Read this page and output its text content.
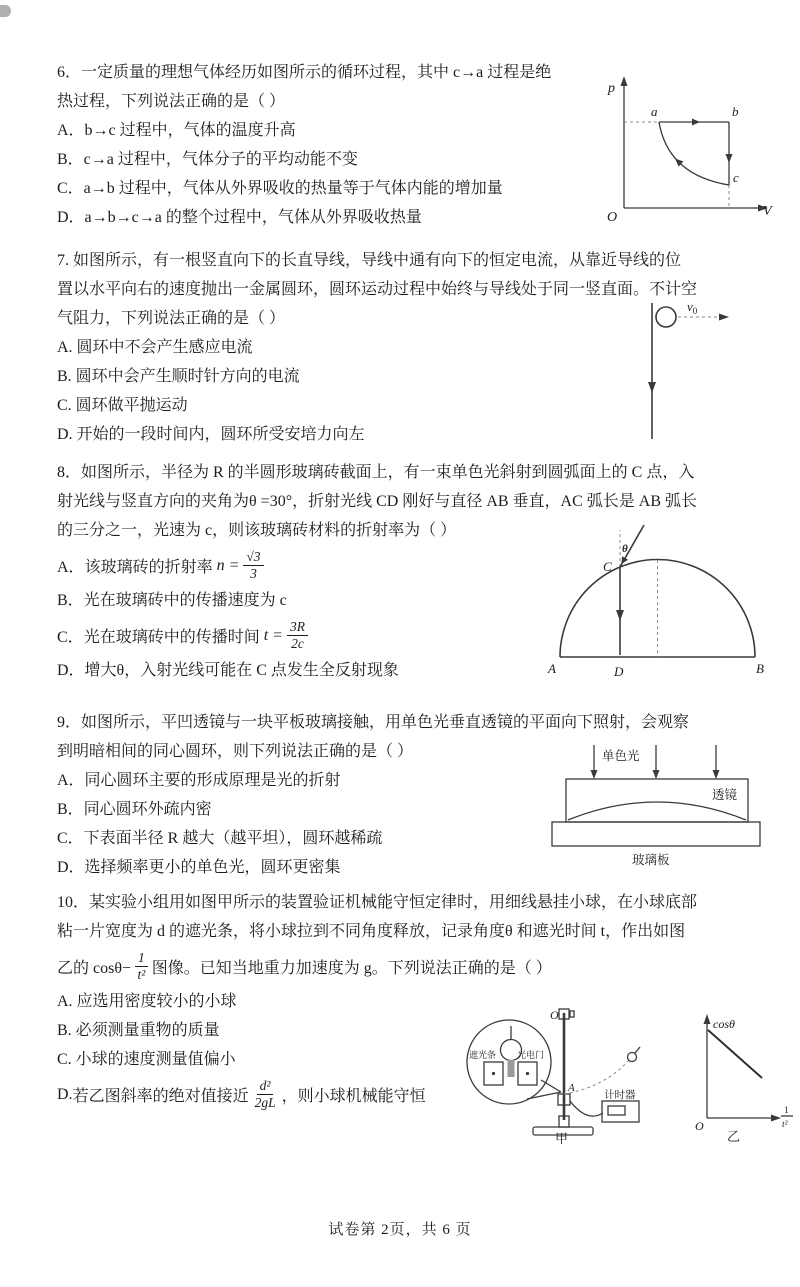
6．一定质量的理想气体经历如图所示的循环过程，其中 c→a 过程是绝
热过程，下列说法正确的是（ ）
A．b→c 过程中，气体的温度升高
B．c→a 过程中，气体分子的平均动能不变
C．a→b 过程中，气体从外界吸收的热量等于气体内能的增加量
D．a→b→c→a 的整个过程中，气体从外界吸收热量
p
V
O
a	b
c
7. 如图所示，有一根竖直向下的长直导线，导线中通有向下的恒定电流，从靠近导线的位
置以水平向右的速度抛出一金属圆环，圆环运动过程中始终与导线处于同一竖直面。不计空
气阻力，下列说法正确的是（ ）
A. 圆环中不会产生感应电流
B. 圆环中会产生顺时针方向的电流
C. 圆环做平抛运动
D. 开始的一段时间内，圆环所受安培力向左
$v_0$
8．如图所示，半径为 R 的半圆形玻璃砖截面上，有一束单色光斜射到圆弧面上的 C 点，入
射光线与竖直方向的夹角为θ =30°，折射光线 CD 刚好与直径 AB 垂直，AC 弧长是 AB 弧长
的三分之一，光速为 c，则该玻璃砖材料的折射率为（ ）
A． 该玻璃砖的折射率 $n = \frac{√3}{3}$
B．光在玻璃砖中的传播速度为 c
C． 光在玻璃砖中的传播时间 $t = \frac{3R}{2c}$
D．增大θ，入射光线可能在 C 点发生全反射现象
θ
C
A	B
D
9．如图所示，平凹透镜与一块平板玻璃接触，用单色光垂直透镜的平面向下照射，会观察
到明暗相间的同心圆环，则下列说法正确的是（ ）
A．同心圆环主要的形成原理是光的折射
B．同心圆环外疏内密
C．下表面半径 R 越大（越平坦），圆环越稀疏
D．选择频率更小的单色光，圆环更密集
单色光
透镜
玻璃板
10．某实验小组用如图甲所示的装置验证机械能守恒定律时，用细线悬挂小球，在小球底部
粘一片宽度为 d 的遮光条，将小球拉到不同角度释放，记录角度θ 和遮光时间 t，作出如图
乙的 $\cos\theta- \frac{1}{\text{t²}}$ 图像。已知当地重力加速度为 g。下列说法正确的是（ ）
A. 应选用密度较小的小球
B. 必须测量重物的质量
C. 小球的速度测量值偏小
D. 若乙图斜率的绝对值接近 $\frac{\text{d²}}{2gL}$ ，则小球机械能守恒
O
A
计时器
遮光条 光电门
甲
cosθ
1
t²
O
乙
试卷第 2页，共 6 页
